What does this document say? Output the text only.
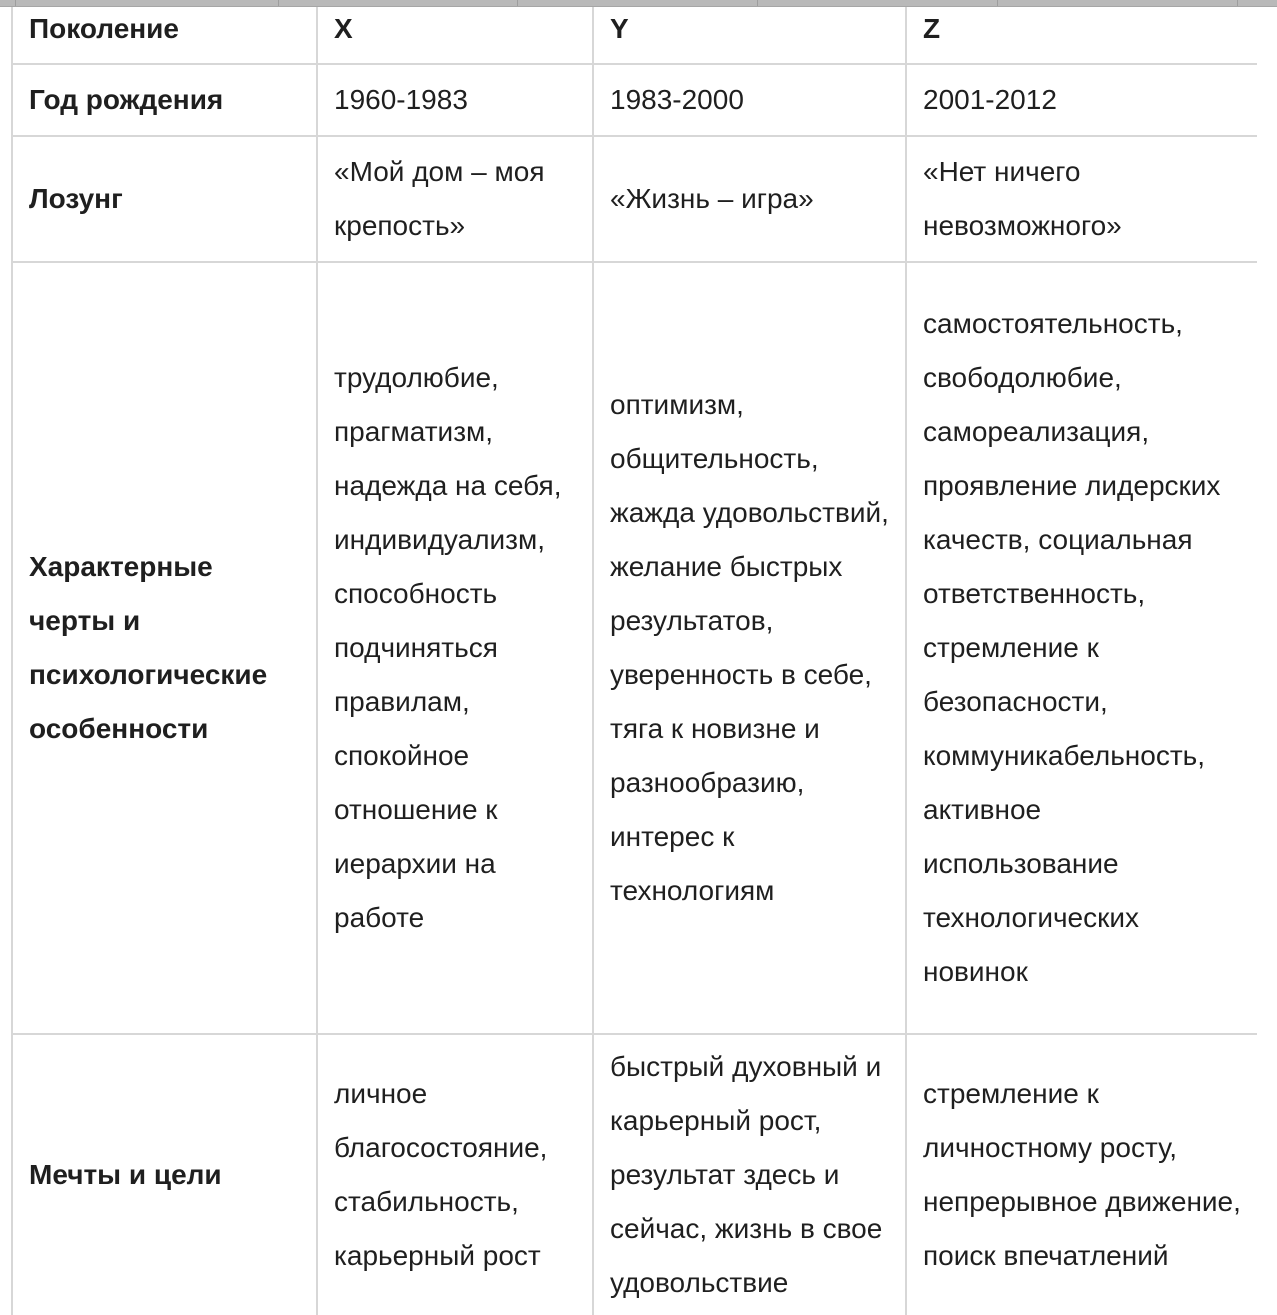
Поколение	X	Y	Z
Год рождения	1960-1983	1983-2000	2001-2012
Лозунг	«Мой дом – моя крепость»	«Жизнь – игра»	«Нет ничего невозможного»
Характерные черты и психологические особенности	трудолюбие, прагматизм, надежда на себя, индивидуализм, способность подчиняться правилам, спокойное отношение к иерархии на работе	оптимизм, общительность, жажда удовольствий, желание быстрых результатов, уверенность в себе, тяга к новизне и разнообразию, интерес к технологиям	самостоятельность, свободолюбие, самореализация, проявление лидерских качеств, социальная ответственность, стремление к безопасности, коммуникабельность, активное использование технологических новинок
Мечты и цели	личное благосостояние, стабильность, карьерный рост	быстрый духовный и карьерный рост, результат здесь и сейчас, жизнь в свое удовольствие	стремление к личностному росту, непрерывное движение, поиск впечатлений
